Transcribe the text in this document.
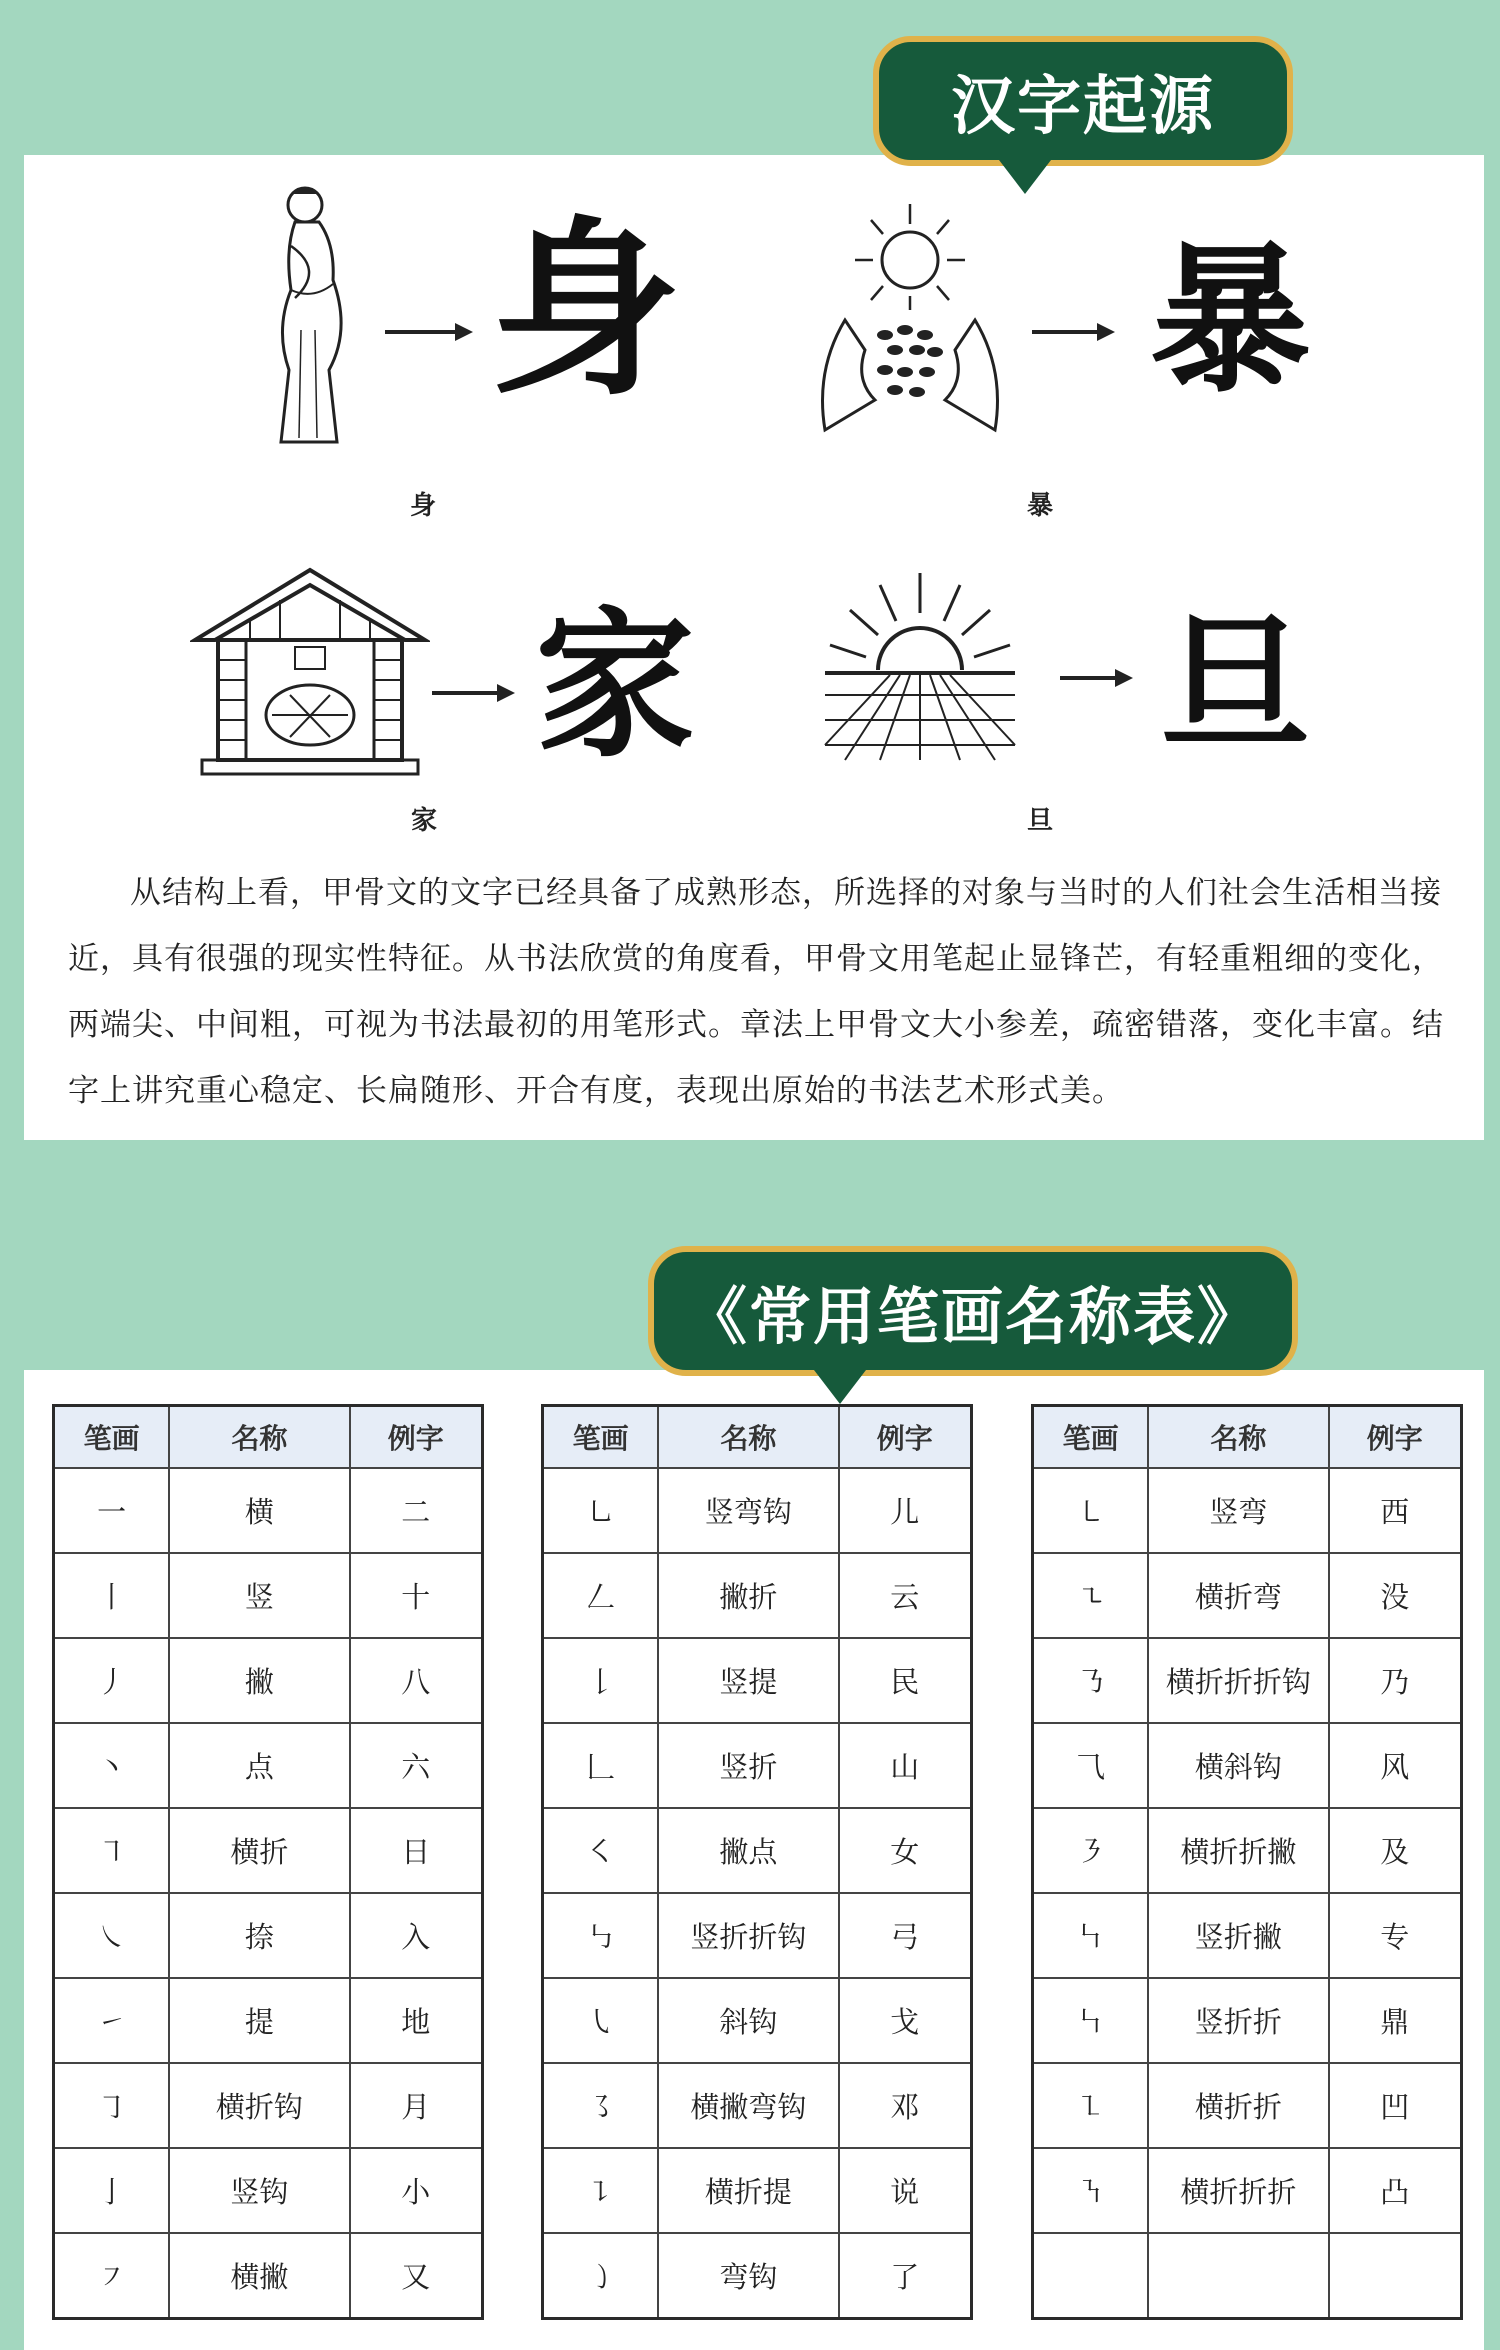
汉字起源
身
身
暴
暴
家
家
旦
旦

从结构上看，甲骨文的文字已经具备了成熟形态，所选择的对象与当时的人们社会生活相当接近，具有很强的现实性特征。从书法欣赏的角度看，甲骨文用笔起止显锋芒，有轻重粗细的变化，两端尖、中间粗，可视为书法最初的用笔形式。章法上甲骨文大小参差，疏密错落，变化丰富。结字上讲究重心稳定、长扁随形、开合有度，表现出原始的书法艺术形式美。

《常用笔画名称表》
笔画	名称	例字
一	横	二
丨	竖	十
丿	撇	八
丶	点	六
㇕	横折	日
㇏	捺	入
㇀	提	地
㇆	横折钩	月
亅	竖钩	小
㇇	横撇	又
笔画	名称	例字
㇟	竖弯钩	儿
𠃋	撇折	云
𠄌	竖提	民
𠃊	竖折	山
㇛	撇点	女
㇉	竖折折钩	弓
㇂	斜钩	戈
㇌	横撇弯钩	邓
㇊	横折提	说
㇁	弯钩	了
笔画	名称	例字
㇄	竖弯	西
㇍	横折弯	没
㇡	横折折折钩	乃
⺄	横斜钩	风
㇋	横折折撇	及
㇞	竖折撇	专
㇞	竖折折	鼎
㇅	横折折	凹
㇎	横折折折	凸
